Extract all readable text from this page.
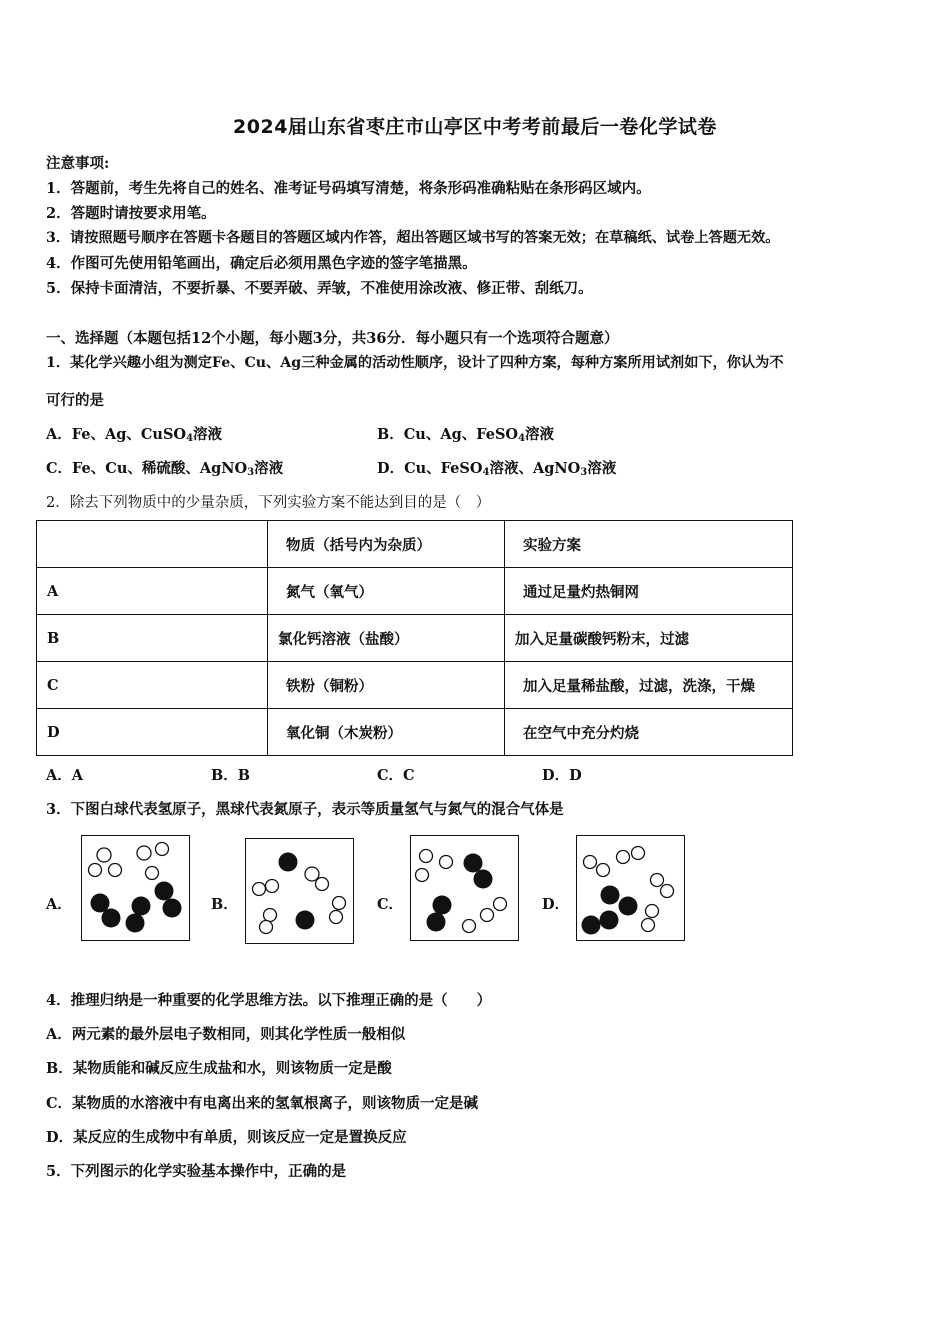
2024届山东省枣庄市山亭区中考考前最后一卷化学试卷
注意事项:
1．答题前，考生先将自己的姓名、准考证号码填写清楚，将条形码准确粘贴在条形码区域内。
2．答题时请按要求用笔。
3．请按照题号顺序在答题卡各题目的答题区域内作答，超出答题区域书写的答案无效；在草稿纸、试卷上答题无效。
4．作图可先使用铅笔画出，确定后必须用黑色字迹的签字笔描黑。
5．保持卡面清洁，不要折暴、不要弄破、弄皱，不准使用涂改液、修正带、刮纸刀。
一、选择题（本题包括12个小题，每小题3分，共36分．每小题只有一个选项符合题意）
1．某化学兴趣小组为测定Fe、Cu、Ag三种金属的活动性顺序，设计了四种方案，每种方案所用试剂如下，你认为不
可行的是
A．Fe、Ag、CuSO$_4$溶液	B．Cu、Ag、FeSO$_4$溶液
C．Fe、Cu、稀硫酸、AgNO$_3$溶液	D．Cu、FeSO$_4$溶液、AgNO$_3$溶液
2．除去下列物质中的少量杂质，下列实验方案不能达到目的是（　）
	物质（括号内为杂质）	实验方案
A	氮气（氧气）	通过足量灼热铜网
B	氯化钙溶液（盐酸）	加入足量碳酸钙粉末，过滤
C	铁粉（铜粉）	加入足量稀盐酸，过滤，洗涤，干燥
D	氧化铜（木炭粉）	在空气中充分灼烧
A．A	B．B	C．C	D．D
3．下图白球代表氢原子，黑球代表氮原子，表示等质量氢气与氮气的混合气体是
A．	B．	C．	D．
4．推理归纳是一种重要的化学思维方法。以下推理正确的是（　　）
A．两元素的最外层电子数相同，则其化学性质一般相似
B．某物质能和碱反应生成盐和水，则该物质一定是酸
C．某物质的水溶液中有电离出来的氢氧根离子，则该物质一定是碱
D．某反应的生成物中有单质，则该反应一定是置换反应
5．下列图示的化学实验基本操作中，正确的是
